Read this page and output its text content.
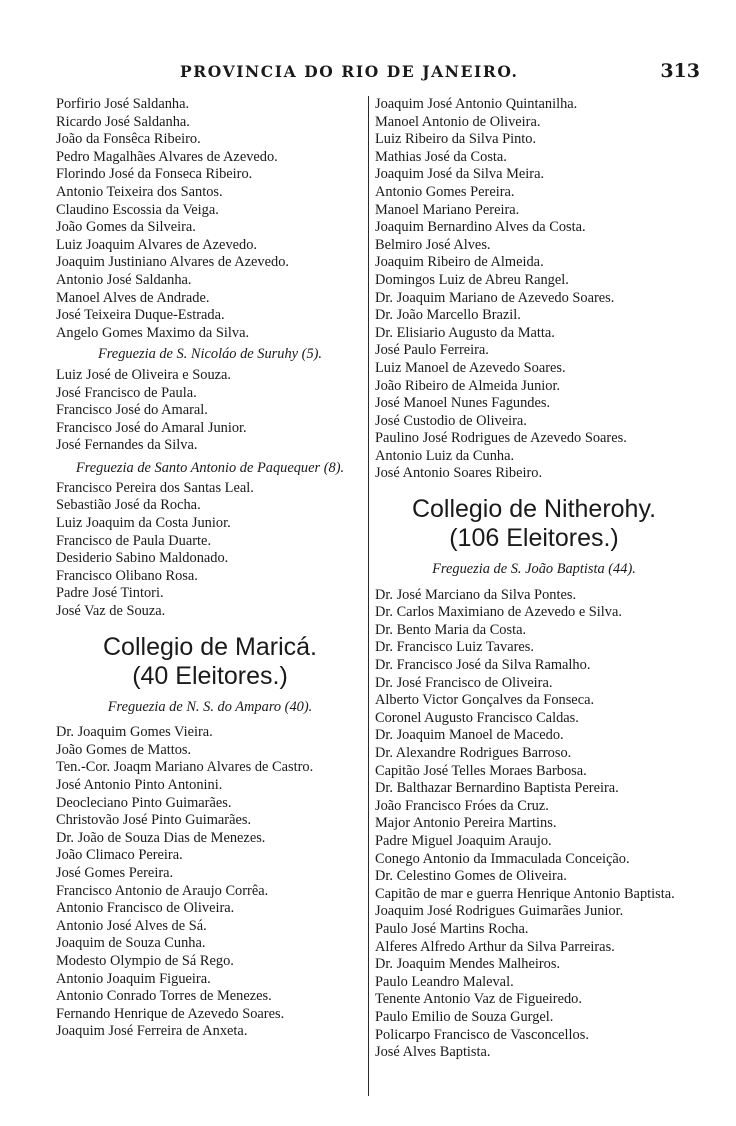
PROVINCIA DO RIO DE JANEIRO.	313
Porfirio José Saldanha.
Ricardo José Saldanha.
João da Fonsêca Ribeiro.
Pedro Magalhães Alvares de Azevedo.
Florindo José da Fonseca Ribeiro.
Antonio Teixeira dos Santos.
Claudino Escossia da Veiga.
João Gomes da Silveira.
Luiz Joaquim Alvares de Azevedo.
Joaquim Justiniano Alvares de Azevedo.
Antonio José Saldanha.
Manoel Alves de Andrade.
José Teixeira Duque-Estrada.
Angelo Gomes Maximo da Silva.
Freguezia de S. Nicoláo de Suruhy (5).
Luiz José de Oliveira e Souza.
José Francisco de Paula.
Francisco José do Amaral.
Francisco José do Amaral Junior.
José Fernandes da Silva.
Freguezia de Santo Antonio de Paquequer (8).
Francisco Pereira dos Santas Leal.
Sebastião José da Rocha.
Luiz Joaquim da Costa Junior.
Francisco de Paula Duarte.
Desiderio Sabino Maldonado.
Francisco Olibano Rosa.
Padre José Tintori.
José Vaz de Souza.
Collegio de Maricá.
(40 Eleitores.)
Freguezia de N. S. do Amparo (40).
Dr. Joaquim Gomes Vieira.
João Gomes de Mattos.
Ten.-Cor. Joaqm Mariano Alvares de Castro.
José Antonio Pinto Antonini.
Deocleciano Pinto Guimarães.
Christovão José Pinto Guimarães.
Dr. João de Souza Dias de Menezes.
João Climaco Pereira.
José Gomes Pereira.
Francisco Antonio de Araujo Corrêa.
Antonio Francisco de Oliveira.
Antonio José Alves de Sá.
Joaquim de Souza Cunha.
Modesto Olympio de Sá Rego.
Antonio Joaquim Figueira.
Antonio Conrado Torres de Menezes.
Fernando Henrique de Azevedo Soares.
Joaquim José Ferreira de Anxeta.
Joaquim José Antonio Quintanilha.
Manoel Antonio de Oliveira.
Luiz Ribeiro da Silva Pinto.
Mathias José da Costa.
Joaquim José da Silva Meira.
Antonio Gomes Pereira.
Manoel Mariano Pereira.
Joaquim Bernardino Alves da Costa.
Belmiro José Alves.
Joaquim Ribeiro de Almeida.
Domingos Luiz de Abreu Rangel.
Dr. Joaquim Mariano de Azevedo Soares.
Dr. João Marcello Brazil.
Dr. Elisiario Augusto da Matta.
José Paulo Ferreira.
Luiz Manoel de Azevedo Soares.
João Ribeiro de Almeida Junior.
José Manoel Nunes Fagundes.
José Custodio de Oliveira.
Paulino José Rodrigues de Azevedo Soares.
Antonio Luiz da Cunha.
José Antonio Soares Ribeiro.
Collegio de Nitherohy.
(106 Eleitores.)
Freguezia de S. João Baptista (44).
Dr. José Marciano da Silva Pontes.
Dr. Carlos Maximiano de Azevedo e Silva.
Dr. Bento Maria da Costa.
Dr. Francisco Luiz Tavares.
Dr. Francisco José da Silva Ramalho.
Dr. José Francisco de Oliveira.
Alberto Victor Gonçalves da Fonseca.
Coronel Augusto Francisco Caldas.
Dr. Joaquim Manoel de Macedo.
Dr. Alexandre Rodrigues Barroso.
Capitão José Telles Moraes Barbosa.
Dr. Balthazar Bernardino Baptista Pereira.
João Francisco Fróes da Cruz.
Major Antonio Pereira Martins.
Padre Miguel Joaquim Araujo.
Conego Antonio da Immaculada Conceição.
Dr. Celestino Gomes de Oliveira.
Capitão de mar e guerra Henrique Antonio Baptista.
Joaquim José Rodrigues Guimarães Junior.
Paulo José Martins Rocha.
Alferes Alfredo Arthur da Silva Parreiras.
Dr. Joaquim Mendes Malheiros.
Paulo Leandro Maleval.
Tenente Antonio Vaz de Figueiredo.
Paulo Emilio de Souza Gurgel.
Policarpo Francisco de Vasconcellos.
José Alves Baptista.
